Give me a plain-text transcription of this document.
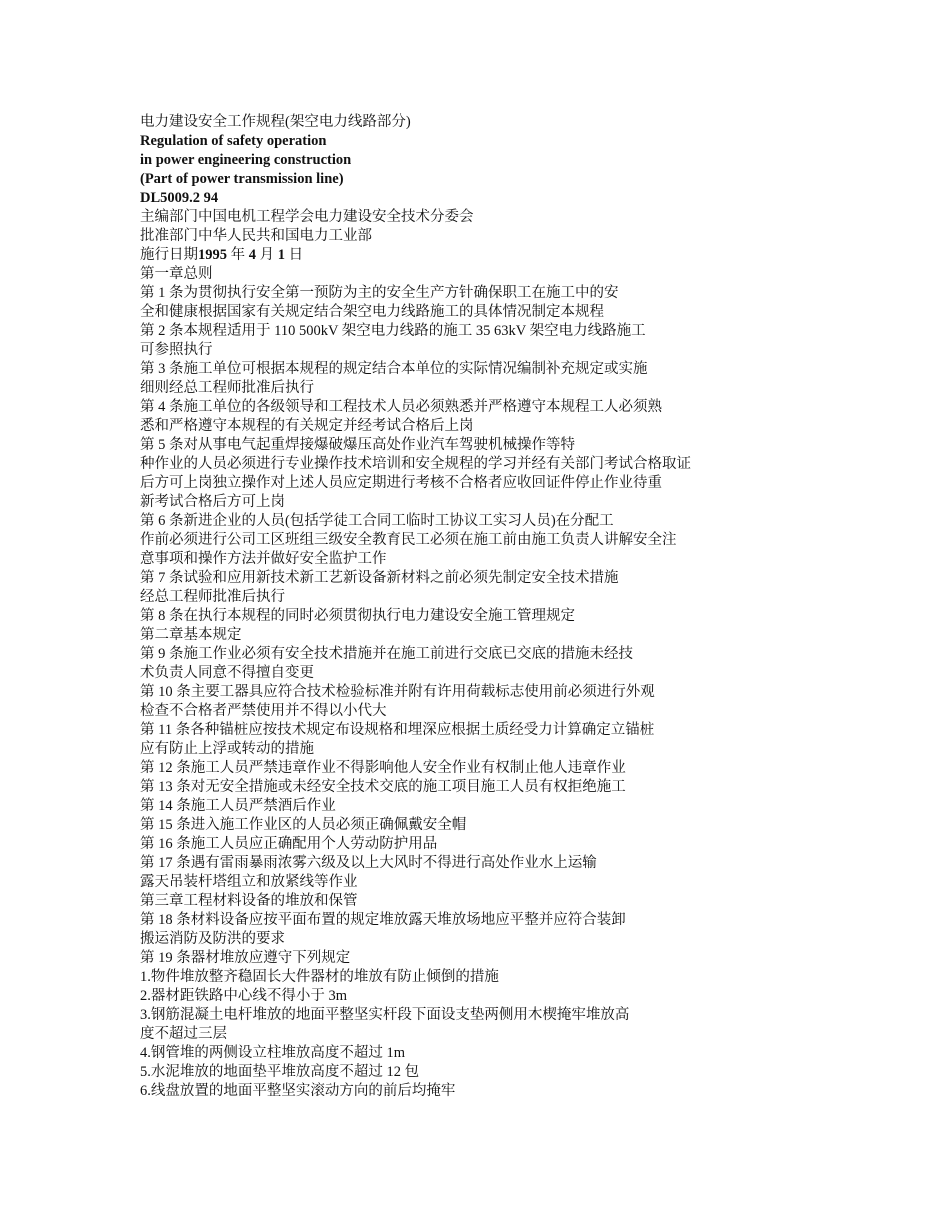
电力建设安全工作规程(架空电力线路部分)
Regulation of safety operation
in power engineering construction
(Part of power transmission line)
DL5009.2 94
主编部门中国电机工程学会电力建设安全技术分委会
批准部门中华人民共和国电力工业部
施行日期1995 年 4 月 1 日
第一章总则
第 1 条为贯彻执行安全第一预防为主的安全生产方针确保职工在施工中的安
全和健康根据国家有关规定结合架空电力线路施工的具体情况制定本规程
第 2 条本规程适用于 110 500kV 架空电力线路的施工 35 63kV 架空电力线路施工
可参照执行
第 3 条施工单位可根据本规程的规定结合本单位的实际情况编制补充规定或实施
细则经总工程师批准后执行
第 4 条施工单位的各级领导和工程技术人员必须熟悉并严格遵守本规程工人必须熟
悉和严格遵守本规程的有关规定并经考试合格后上岗
第 5 条对从事电气起重焊接爆破爆压高处作业汽车驾驶机械操作等特
种作业的人员必须进行专业操作技术培训和安全规程的学习并经有关部门考试合格取证
后方可上岗独立操作对上述人员应定期进行考核不合格者应收回证件停止作业待重
新考试合格后方可上岗
第 6 条新进企业的人员(包括学徒工合同工临时工协议工实习人员)在分配工
作前必须进行公司工区班组三级安全教育民工必须在施工前由施工负责人讲解安全注
意事项和操作方法并做好安全监护工作
第 7 条试验和应用新技术新工艺新设备新材料之前必须先制定安全技术措施
经总工程师批准后执行
第 8 条在执行本规程的同时必须贯彻执行电力建设安全施工管理规定
第二章基本规定
第 9 条施工作业必须有安全技术措施并在施工前进行交底已交底的措施未经技
术负责人同意不得擅自变更
第 10 条主要工器具应符合技术检验标准并附有许用荷载标志使用前必须进行外观
检查不合格者严禁使用并不得以小代大
第 11 条各种锚桩应按技术规定布设规格和埋深应根据土质经受力计算确定立锚桩
应有防止上浮或转动的措施
第 12 条施工人员严禁违章作业不得影响他人安全作业有权制止他人违章作业
第 13 条对无安全措施或未经安全技术交底的施工项目施工人员有权拒绝施工
第 14 条施工人员严禁酒后作业
第 15 条进入施工作业区的人员必须正确佩戴安全帽
第 16 条施工人员应正确配用个人劳动防护用品
第 17 条遇有雷雨暴雨浓雾六级及以上大风时不得进行高处作业水上运输
露天吊装杆塔组立和放紧线等作业
第三章工程材料设备的堆放和保管
第 18 条材料设备应按平面布置的规定堆放露天堆放场地应平整并应符合装卸
搬运消防及防洪的要求
第 19 条器材堆放应遵守下列规定
1.物件堆放整齐稳固长大件器材的堆放有防止倾倒的措施
2.器材距铁路中心线不得小于 3m
3.钢筋混凝土电杆堆放的地面平整坚实杆段下面设支垫两侧用木楔掩牢堆放高
度不超过三层
4.钢管堆的两侧设立柱堆放高度不超过 1m
5.水泥堆放的地面垫平堆放高度不超过 12 包
6.线盘放置的地面平整坚实滚动方向的前后均掩牢
